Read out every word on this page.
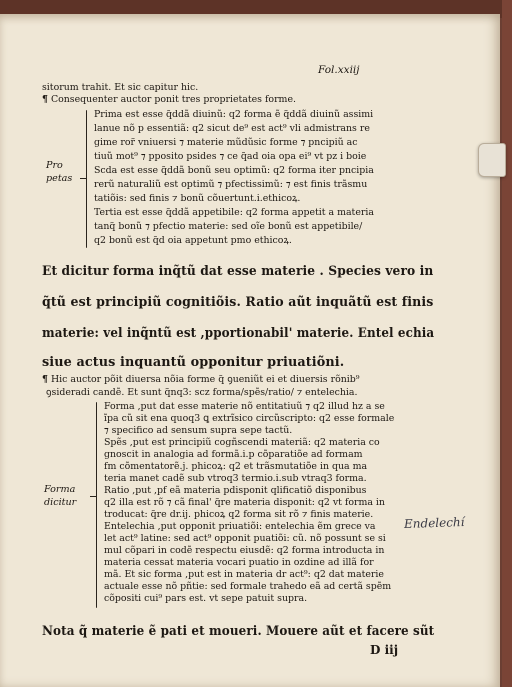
Fol.xxiij
sitorum trahit. Et sic capitur hic.
¶ Consequenter auctor ponit tres proprietates forme.
Pro
petas
Prima est esse q̃ddã diuinũ: q2 forma ẽ q̃ddã diuinũ assimi
lanue nõ p essentiã: q2 sicut de⁹ est act⁹ vli admistrans re
gime ror̃ vniuersi ⁊ materie mũdũsic forme ⁊ pncipiũ ac
tiuũ mot⁹ ⁊ pposito psides ⁊ ce q̃ad oia opa ei⁹ vt pz i boie
Scda est esse q̃ddã bonũ seu optimũ: q2 forma iter pncipia
rerũ naturaliũ est optimũ ⁊ pfectissimũ: ⁊ est finis trãsmu
tatiõis: sed finis ⁊ bonũ cõuertunt.i.ethicoꝝ.
Tertia est esse q̃ddã appetibile: q2 forma appetit a materia
tanq̃ bonũ ⁊ pfectio materie: sed oĩe bonũ est appetibile/
q2 bonũ est q̃d oia appetunt pmo ethicoꝝ.
Et dicitur forma inq̃tũ dat esse materie . Species vero in
q̃tũ est principiũ cognitiõis. Ratio aũt inquãtũ est finis
materie: vel inq̃ntũ est ,pportionabil' materie. Entel echia
siue actus inquantũ opponitur priuatiõni.
¶ Hic auctor põit diuersa nõia forme q̃ ꝯueniũt ei et diuersis rõnib⁹
ꝯsideradi candẽ. Et sunt q̃nq3: scz forma/spẽs/ratio/ ⁊ entelechia.
Forma
dicitur
Forma ,put dat esse materie nõ entitatiuũ ⁊ q2 illud hz a se
ĩpa cũ sit ena quoq3 ꝗ extrĩsico circũscripto: q2 esse formale
⁊ specifico ad sensum supra sepe tactũ.
Spẽs ,put est principiũ cogñscendi materiã: q2 materia co
gnoscit in analogia ad formã.i.p cõparatiõe ad formam
fm cõmentatorẽ.j. phicoꝝ: q2 et trãsmutatiõe in qua ma
teria manet cadẽ sub vtroq3 termio.i.sub vtraq3 forma.
Ratio ,put ,pf eã materia pdisponit qlificatiõ disponibus
q2 illa est rõ ⁊ cã final' q̃re materia disponit: q2 vt forma in
troducat: q̃re dr.ij. phicoꝝ q2 forma sit rõ ⁊ finis materie.
Entelechia ,put opponit priuatiõi: entelechia ẽm grece va
let act⁹ latine: sed act⁹ opponit puatiõi: cũ. nõ possunt se si
mul cõpari in codẽ respectu eiusdẽ: q2 forma introducta in
materia cessat materia vocari puatio in ozdine ad illã for
mã. Et sic forma ,put est in materia dr act⁹: q2 dat materie
actuale esse nõ pñtie: sed formale trahedo eã ad certã spẽm
cõpositi cui⁹ pars est. vt sepe patuit supra.
Endelechí
Nota q̃ materie ẽ pati et moueri. Mouere aũt et facere sũt
D iij
